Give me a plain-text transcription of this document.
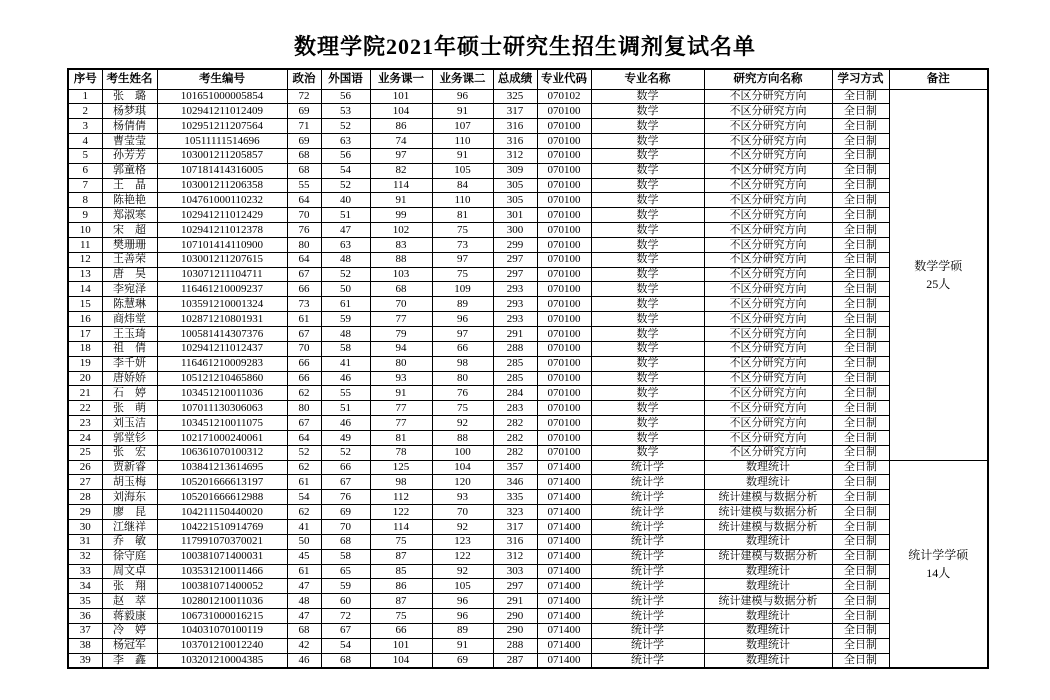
数理学院2021年硕士研究生招生调剂复试名单
序号	考生姓名	考生编号	政治	外国语	业务课一	业务课二	总成绩	专业代码	专业名称	研究方向名称	学习方式	备注
1	张　璐	101651000005854	72	56	101	96	325	070102	数学	不区分研究方向	全日制	数学学硕
25人

2	杨梦琪	102941211012409	69	53	104	91	317	070100	数学	不区分研究方向	全日制	
3	杨倩倩	102951211207564	71	52	86	107	316	070100	数学	不区分研究方向	全日制	
4	曹莹莹	10511111514696	69	63	74	110	316	070100	数学	不区分研究方向	全日制	
5	孙芳芳	103001211205857	68	56	97	91	312	070100	数学	不区分研究方向	全日制	
6	郭童格	107181414316005	68	54	82	105	309	070100	数学	不区分研究方向	全日制	
7	王　晶	103001211206358	55	52	114	84	305	070100	数学	不区分研究方向	全日制	
8	陈艳艳	104761000110232	64	40	91	110	305	070100	数学	不区分研究方向	全日制	
9	郑淑寒	102941211012429	70	51	99	81	301	070100	数学	不区分研究方向	全日制	
10	宋　超	102941211012378	76	47	102	75	300	070100	数学	不区分研究方向	全日制	
11	樊珊珊	107101414110900	80	63	83	73	299	070100	数学	不区分研究方向	全日制	
12	王善荣	103001211207615	64	48	88	97	297	070100	数学	不区分研究方向	全日制	
13	唐　昊	103071211104711	67	52	103	75	297	070100	数学	不区分研究方向	全日制	
14	李宛泽	116461210009237	66	50	68	109	293	070100	数学	不区分研究方向	全日制	
15	陈慧琳	103591210001324	73	61	70	89	293	070100	数学	不区分研究方向	全日制	
16	商炜堂	102871210801931	61	59	77	96	293	070100	数学	不区分研究方向	全日制	
17	王玉琦	100581414307376	67	48	79	97	291	070100	数学	不区分研究方向	全日制	
18	祖　倩	102941211012437	70	58	94	66	288	070100	数学	不区分研究方向	全日制	
19	李千妍	116461210009283	66	41	80	98	285	070100	数学	不区分研究方向	全日制	
20	唐娇娇	105121210465860	66	46	93	80	285	070100	数学	不区分研究方向	全日制	
21	石　婷	103451210011036	62	55	91	76	284	070100	数学	不区分研究方向	全日制	
22	张　萌	107011130306063	80	51	77	75	283	070100	数学	不区分研究方向	全日制	
23	刘玉洁	103451210011075	67	46	77	92	282	070100	数学	不区分研究方向	全日制	
24	郭堂钐	102171000240061	64	49	81	88	282	070100	数学	不区分研究方向	全日制	
25	张　宏	106361070100312	52	52	78	100	282	070100	数学	不区分研究方向	全日制	
26	贾新睿	103841213614695	62	66	125	104	357	071400	统计学	数理统计	全日制	统计学学硕
14人

27	胡玉梅	105201666613197	61	67	98	120	346	071400	统计学	数理统计	全日制	
28	刘海东	105201666612988	54	76	112	93	335	071400	统计学	统计建模与数据分析	全日制	
29	廖　昆	104211150440020	62	69	122	70	323	071400	统计学	统计建模与数据分析	全日制	
30	江继祥	104221510914769	41	70	114	92	317	071400	统计学	统计建模与数据分析	全日制	
31	乔　敏	117991070370021	50	68	75	123	316	071400	统计学	数理统计	全日制	
32	徐守庭	100381071400031	45	58	87	122	312	071400	统计学	统计建模与数据分析	全日制	
33	周文卓	103531210011466	61	65	85	92	303	071400	统计学	数理统计	全日制	
34	张　翔	100381071400052	47	59	86	105	297	071400	统计学	数理统计	全日制	
35	赵　萃	102801210011036	48	60	87	96	291	071400	统计学	统计建模与数据分析	全日制	
36	蒋毅康	106731000016215	47	72	75	96	290	071400	统计学	数理统计	全日制	
37	冷　婷	104031070100119	68	67	66	89	290	071400	统计学	数理统计	全日制	
38	杨冠军	103701210012240	42	54	101	91	288	071400	统计学	数理统计	全日制	
39	李　鑫	103201210004385	46	68	104	69	287	071400	统计学	数理统计	全日制	
